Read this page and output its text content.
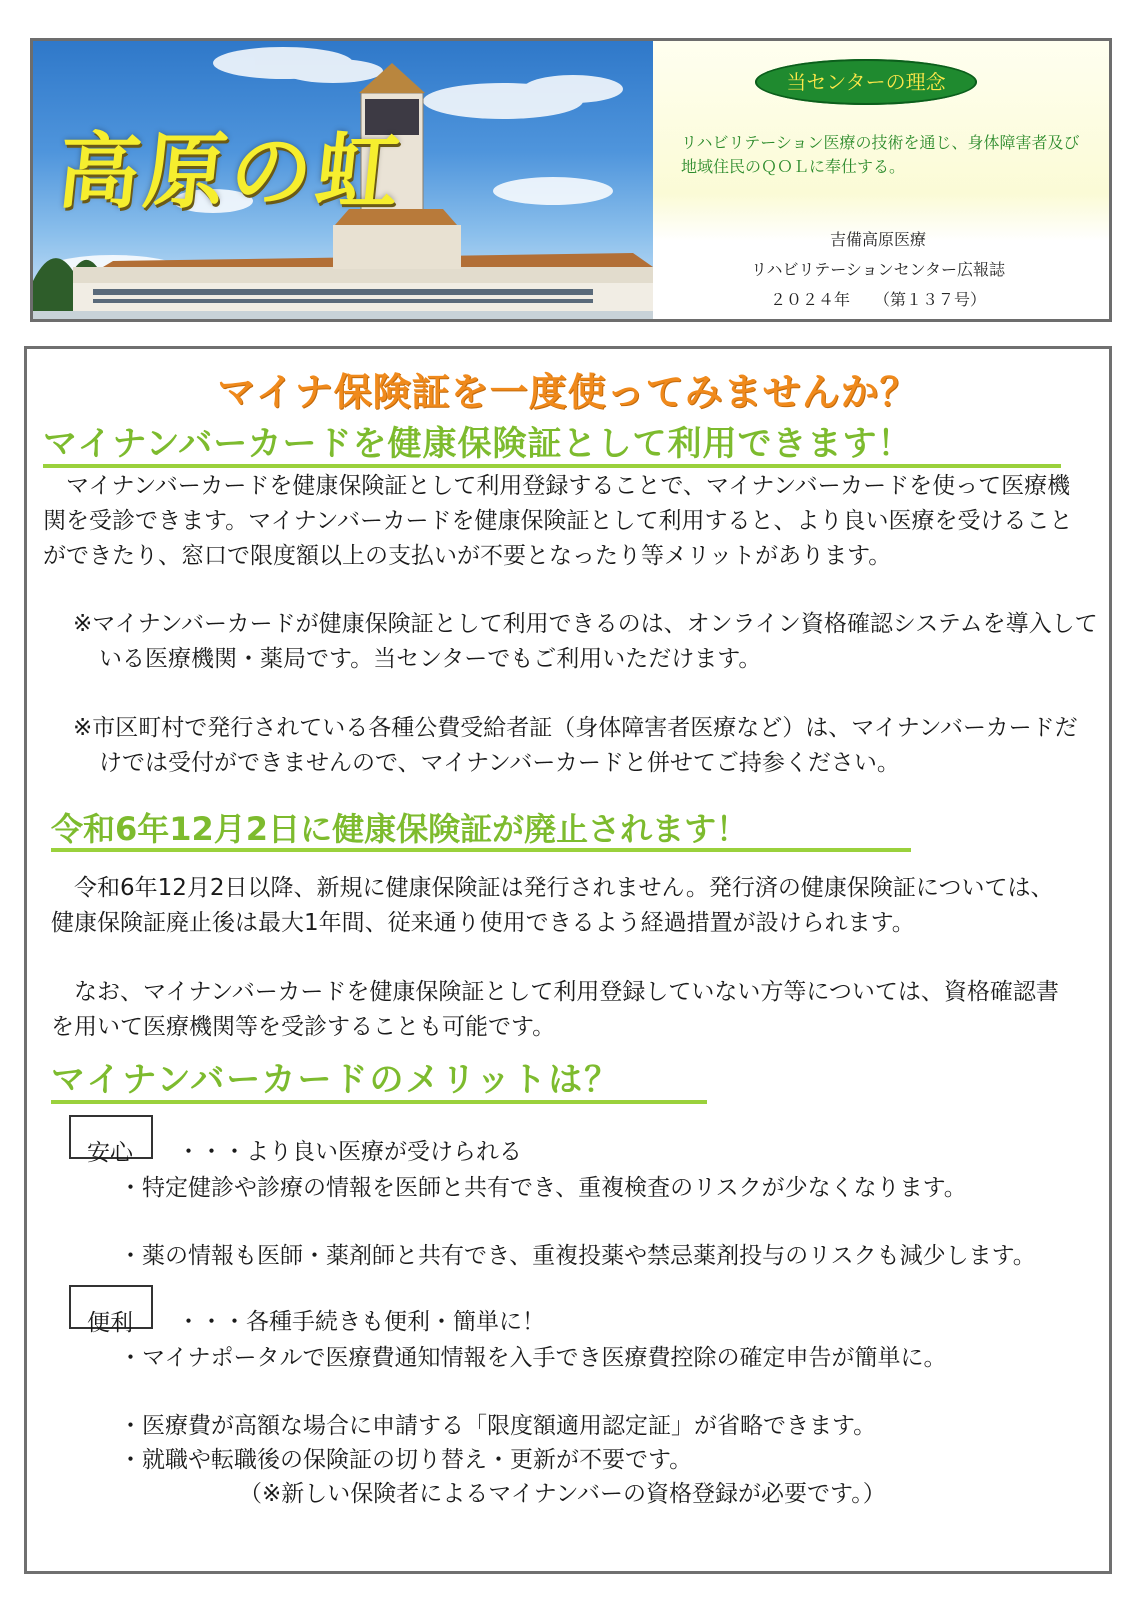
高原の虹
当センターの理念
リハビリテーション医療の技術を通じ、身体障害者及び地域住民のＱＯＬに奉仕する。
吉備高原医療
リハビリテーションセンター広報誌
２０２４年　　（第１３７号）
マイナ保険証を一度使ってみませんか？
マイナンバーカードを健康保険証として利用できます！

マイナンバーカードを健康保険証として利用登録することで、マイナンバーカードを使って医療機関を受診できます。マイナンバーカードを健康保険証として利用すると、より良い医療を受けることができたり、窓口で限度額以上の支払いが不要となったり等メリットがあります。

※マイナンバーカードが健康保険証として利用できるのは、オンライン資格確認システムを導入している医療機関・薬局です。当センターでもご利用いただけます。

※市区町村で発行されている各種公費受給者証（身体障害者医療など）は、マイナンバーカードだけでは受付ができませんので、マイナンバーカードと併せてご持参ください。

令和6年12月2日に健康保険証が廃止されます！

令和6年12月2日以降、新規に健康保険証は発行されません。発行済の健康保険証については、健康保険証廃止後は最大1年間、従来通り使用できるよう経過措置が設けられます。

なお、マイナンバーカードを健康保険証として利用登録していない方等については、資格確認書を用いて医療機関等を受診することも可能です。

マイナンバーカードのメリットは？
安心	・・・より良い医療が受けられる
・特定健診や診療の情報を医師と共有でき、重複検査のリスクが少なくなります。
・薬の情報も医師・薬剤師と共有でき、重複投薬や禁忌薬剤投与のリスクも減少します。
便利	・・・各種手続きも便利・簡単に！
・マイナポータルで医療費通知情報を入手でき医療費控除の確定申告が簡単に。
・医療費が高額な場合に申請する「限度額適用認定証」が省略できます。
・就職や転職後の保険証の切り替え・更新が不要です。
（※新しい保険者によるマイナンバーの資格登録が必要です。）
